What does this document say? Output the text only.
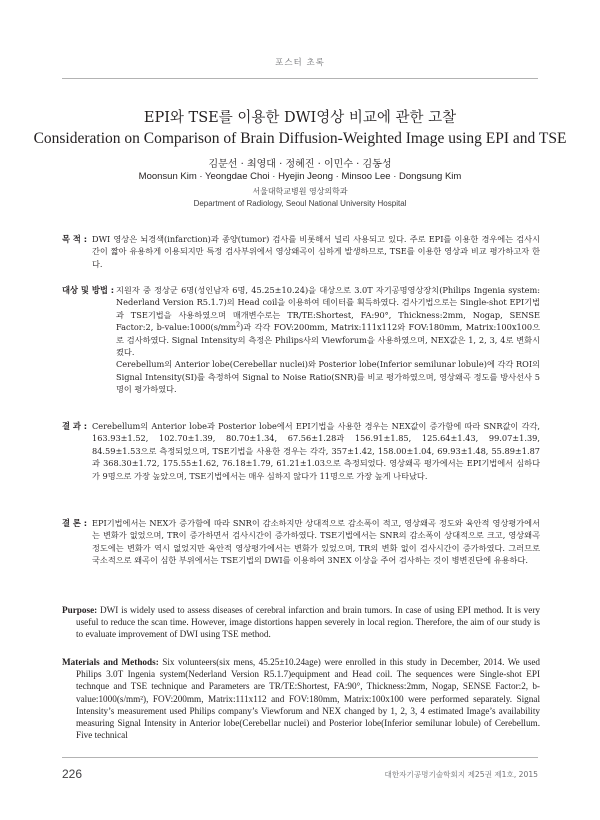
포스터 초록
EPI와 TSE를 이용한 DWI영상 비교에 관한 고찰
Consideration on Comparison of Brain Diffusion-Weighted Image using EPI and TSE
김문선 · 최영대 · 정혜진 · 이민수 · 김동성
Moonsun Kim · Yeongdae Choi · Hyejin Jeong · Minsoo Lee · Dongsung Kim
서울대학교병원 영상의학과
Department of Radiology, Seoul National University Hospital
목 적 : DWI 영상은 뇌경색(infarction)과 종양(tumor) 검사를 비롯해서 널리 사용되고 있다. 주로 EPI를 이용한 경우에는 검사시간이 짧아 유용하게 이용되지만 특정 검사부위에서 영상왜곡이 심하게 발생하므로, TSE를 이용한 영상과 비교 평가하고자 한다.

대상 및 방법 : 지원자 중 정상군 6명(성인남자 6명, 45.25±10.24)을 대상으로 3.0T 자기공명영상장치(Philips Ingenia system: Nederland Version R5.1.7)의 Head coil을 이용하여 데이터를 획득하였다. 검사기법으로는 Single-shot EPI기법과 TSE기법을 사용하였으며 매개변수로는 TR/TE:Shortest, FA:90°, Thickness:2mm, Nogap, SENSE Factor:2, $b-value:1000(s/mm^2)$과 각각 FOV:200mm, Matrix:111x112와 FOV:180mm, Matrix:100x100으로 검사하였다. Signal Intensity의 측정은 Philips사의 Viewforum을 사용하였으며, NEX값은 1, 2, 3, 4로 변화시켰다.

Cerebellum의 Anterior lobe(Cerebellar nuclei)와 Posterior lobe(Inferior semilunar lobule)에 각각 ROI의 Signal Intensity(SI)를 측정하여 Signal to Noise Ratio(SNR)를 비교 평가하였으며, 영상왜곡 정도를 방사선사 5명이 평가하였다.

결 과 : Cerebellum의 Anterior lobe과 Posterior lobe에서 EPI기법을 사용한 경우는 NEX값이 증가함에 따라 SNR값이 각각, 163.93±1.52, 102.70±1.39, 80.70±1.34, 67.56±1.28과 156.91±1.85, 125.64±1.43, 99.07±1.39, 84.59±1.53으로 측정되었으며, TSE기법을 사용한 경우는 각각, 357±1.42, 158.00±1.04, 69.93±1.48, 55.89±1.87과 368.30±1.72, 175.55±1.62, 76.18±1.79, 61.21±1.03으로 측정되었다. 영상왜곡 평가에서는 EPI기법에서 심하다가 9명으로 가장 높았으며, TSE기법에서는 매우 심하지 않다가 11명으로 가장 높게 나타났다.

결 론 : EPI기법에서는 NEX가 증가함에 따라 SNR이 감소하지만 상대적으로 감소폭이 적고, 영상왜곡 정도와 육안적 영상평가에서는 변화가 없었으며, TR이 증가하면서 검사시간이 증가하였다. TSE기법에서는 SNR의 감소폭이 상대적으로 크고, 영상왜곡 정도에는 변화가 역시 없었지만 육안적 영상평가에서는 변화가 있었으며, TR의 변화 없이 검사시간이 증가하였다. 그러므로 국소적으로 왜곡이 심한 부위에서는 TSE기법의 DWI를 이용하여 3NEX 이상을 주어 검사하는 것이 병변진단에 유용하다.

Purpose: DWI is widely used to assess diseases of cerebral infarction and brain tumors. In case of using EPI method. It is very useful to reduce the scan time. However, image distortions happen severely in local region. Therefore, the aim of our study is to evaluate improvement of DWI using TSE method.

Materials and Methods: Six volunteers(six mens, 45.25±10.24age) were enrolled in this study in December, 2014. We used Philips 3.0T Ingenia system(Nederland Version R5.1.7)equipment and Head coil. The sequences were Single-shot EPI technque and TSE technique and Parameters are TR/TE:Shortest, FA:90°, Thickness:2mm, Nogap, SENSE Factor:2, b-value:1000(s/mm²), FOV:200mm, Matrix:111x112 and FOV:180mm, Matrix:100x100 were performed separately. Signal Intensity’s measurement used Philips company’s Viewforum and NEX changed by 1, 2, 3, 4 estimated Image’s availability measuring Signal Intensity in Anterior lobe(Cerebellar nuclei) and Posterior lobe(Inferior semilunar lobule) of Cerebellum. Five technical

226	대한자기공명기술학회지 제25권 제1호, 2015
